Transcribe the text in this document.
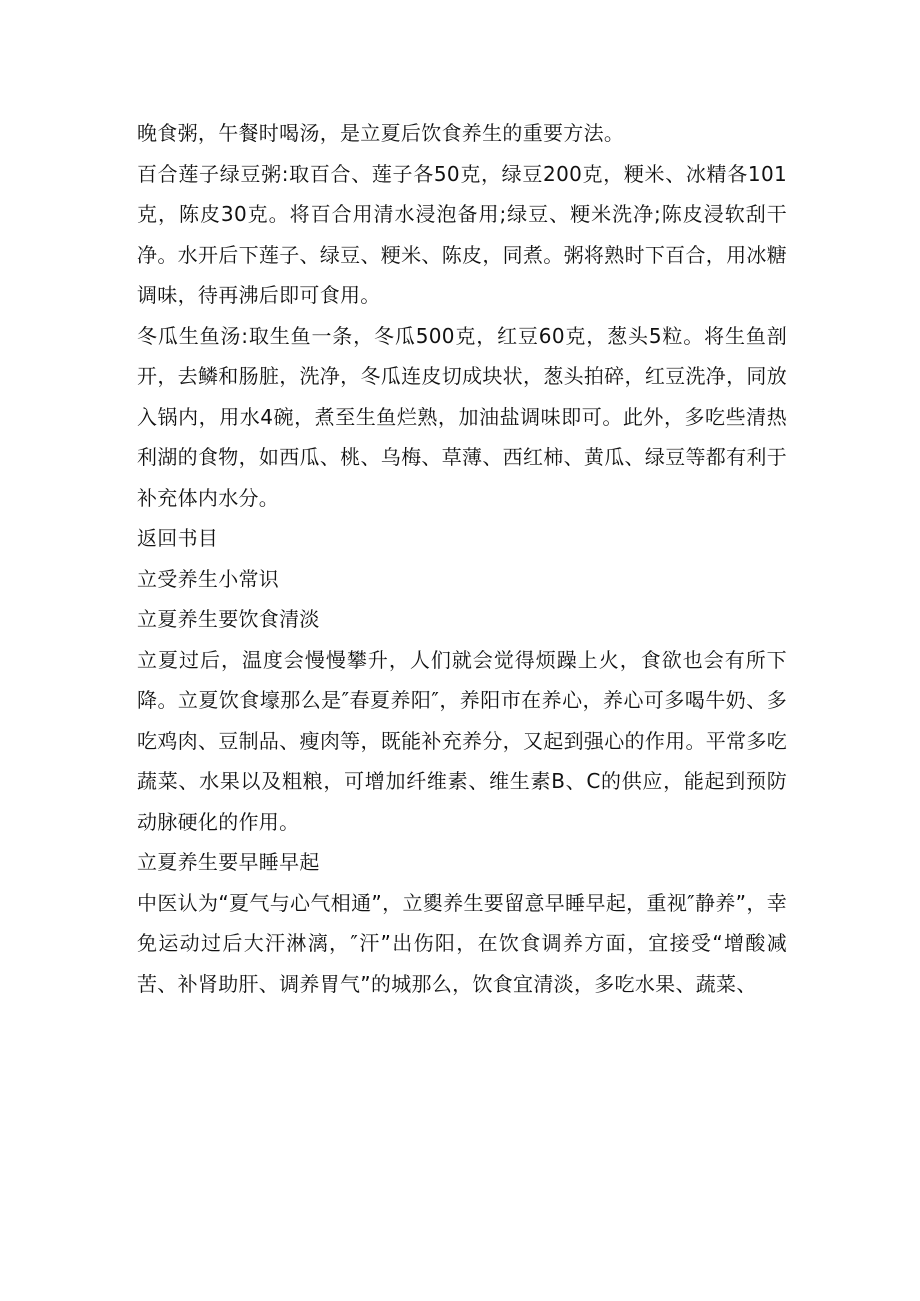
晚食粥，午餐时喝汤，是立夏后饮食养生的重要方法。

百合莲子绿豆粥:取百合、莲子各50克，绿豆200克，粳米、冰精各101克，陈皮30克。将百合用清水浸泡备用;绿豆、粳米洗净;陈皮浸软刮干净。水开后下莲子、绿豆、粳米、陈皮，同煮。粥将熟时下百合，用冰糖调味，待再沸后即可食用。

冬瓜生鱼汤:取生鱼一条，冬瓜500克，红豆60克，葱头5粒。将生鱼剖开，去鳞和肠脏，洗净，冬瓜连皮切成块状，葱头拍碎，红豆洗净，同放入锅内，用水4碗，煮至生鱼烂熟，加油盐调味即可。此外，多吃些清热利湖的食物，如西瓜、桃、乌梅、草薄、西红柿、黄瓜、绿豆等都有利于补充体内水分。

返回书目

立受养生小常识

立夏养生要饮食清淡

立夏过后，温度会慢慢攀升，人们就会觉得烦躁上火，食欲也会有所下降。立夏饮食壕那么是″春夏养阳″，养阳市在养心，养心可多喝牛奶、多吃鸡肉、豆制品、瘦肉等，既能补充养分，又起到强心的作用。平常多吃蔬菜、水果以及粗粮，可增加纤维素、维生素B、C的供应，能起到预防动脉硬化的作用。

立夏养生要早睡早起

中医认为“夏气与心气相通”，立夓养生要留意早睡早起，重视″静养”，幸免运动过后大汗淋漓，″汗”出伤阳，在饮食调养方面，宜接受“增酸减苦、补肾助肝、调养胃气”的城那么，饮食宜清淡，多吃水果、蔬菜、
